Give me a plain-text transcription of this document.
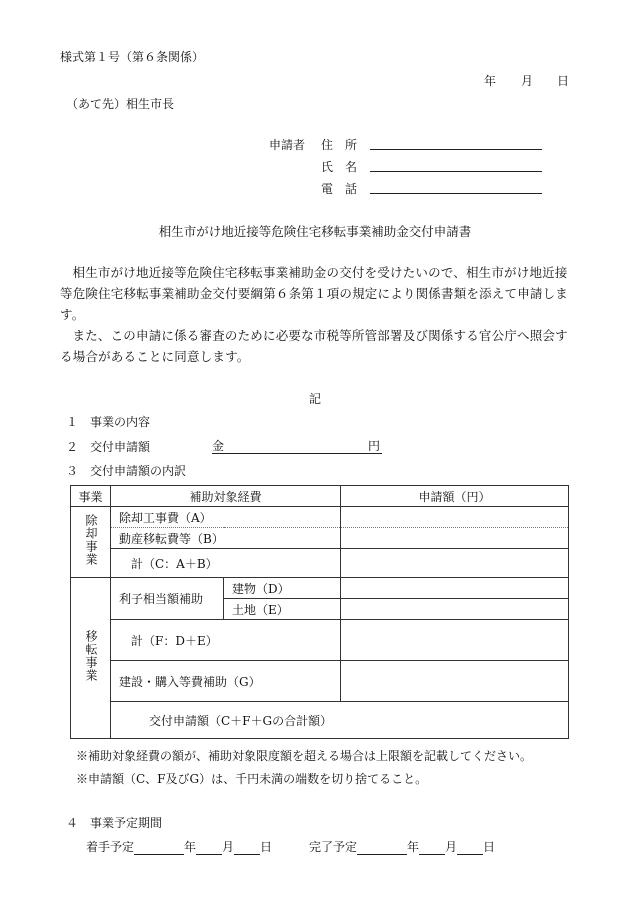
様式第１号（第６条関係）
年 月 日
（あて先）相生市長
申請者 住　所
氏　名
電　話
相生市がけ地近接等危険住宅移転事業補助金交付申請書
相生市がけ地近接等危険住宅移転事業補助金の交付を受けたいので、相生市がけ地近接等危険住宅移転事業補助金交付要綱第６条第１項の規定により関係書類を添えて申請します。
また、この申請に係る審査のために必要な市税等所管部署及び関係する官公庁へ照会する場合があることに同意します。
記
１　事業の内容
２　交付申請額	金	円
３　交付申請額の内訳
事業	補助対象経費		申請額（円）	
除却事業	除却工事費（A）			
	動産移転費等（B）			
	計（C：A＋B）			
移転事業	利子相当額補助	建物（D）		
		土地（E）		
	計（F：D＋E）			
	建設・購入等費補助（G）			
	交付申請額（C＋F＋Gの合計額）			
※補助対象経費の額が、補助対象限度額を超える場合は上限額を記載してください。
※申請額（C、F及びG）は、千円未満の端数を切り捨てること。
４　事業予定期間
着手予定	年 月 日	完了予定	年 月 日
